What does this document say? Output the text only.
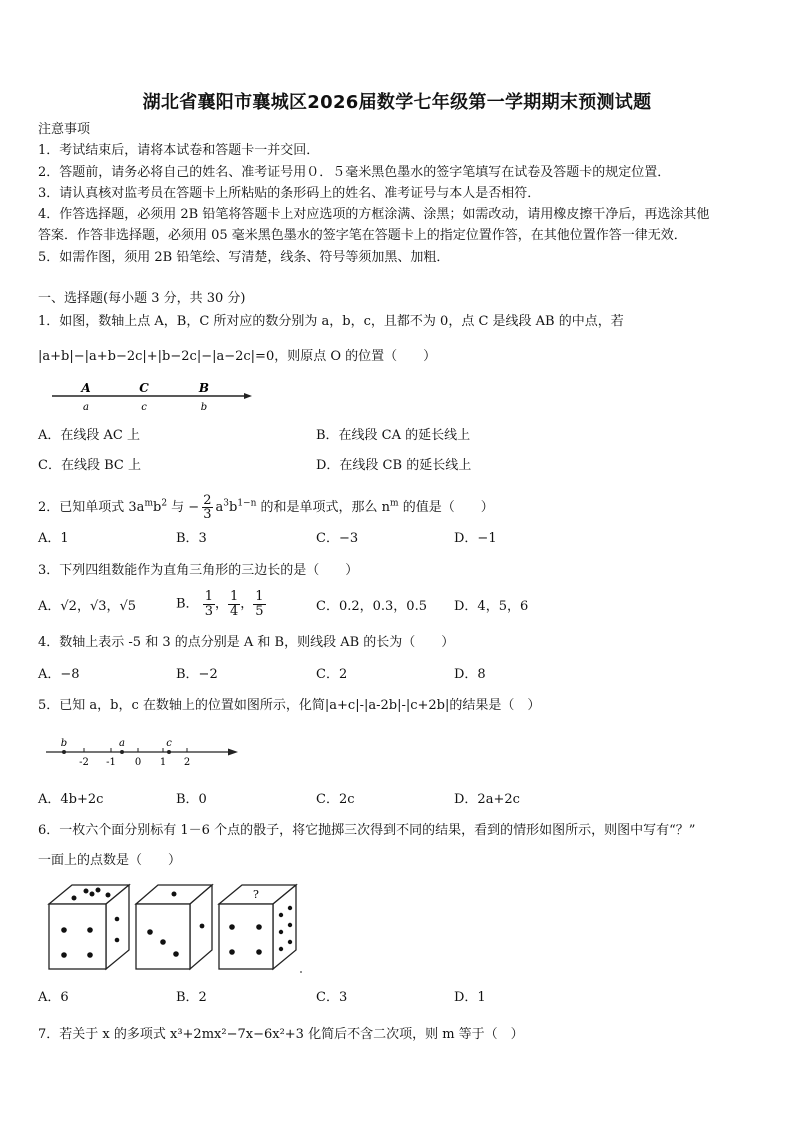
湖北省襄阳市襄城区2026届数学七年级第一学期期末预测试题
注意事项
1．考试结束后，请将本试卷和答题卡一并交回．
2．答题前，请务必将自己的姓名、准考证号用０．５毫米黑色墨水的签字笔填写在试卷及答题卡的规定位置．
3．请认真核对监考员在答题卡上所粘贴的条形码上的姓名、准考证号与本人是否相符．
4．作答选择题，必须用 2B 铅笔将答题卡上对应选项的方框涂满、涂黑；如需改动，请用橡皮擦干净后，再选涂其他
答案．作答非选择题，必须用 05 毫米黑色墨水的签字笔在答题卡上的指定位置作答，在其他位置作答一律无效．
5．如需作图，须用 2B 铅笔绘、写清楚，线条、符号等须加黑、加粗．
一、选择题(每小题 3 分，共 30 分)
1．如图，数轴上点 A，B，C 所对应的数分别为 a，b，c，且都不为 0，点 C 是线段 AB 的中点，若
|a+b|−|a+b−2c|+|b−2c|−|a−2c|=0，则原点 O 的位置（　　）
A	C	B
a	c	b
A．在线段 AC 上	B．在线段 CA 的延长线上
C．在线段 BC 上	D．在线段 CB 的延长线上
2．已知单项式 $3a^mb^2$ 与 − $\frac{2}{3} a^3b^{1-n}$ 的和是单项式，那么 $n^m$ 的值是（　　）
A．1	B．3	C．−3	D．−1
3．下列四组数能作为直角三角形的三边长的是（　　）
A．√2，√3，√5	B． $\frac{1}{3}$ ， $\frac{1}{4}$ ， $\frac{1}{5}$	C．0.2，0.3，0.5 D．4，5，6
4．数轴上表示 -5 和 3 的点分别是 A 和 B，则线段 AB 的长为（　　）
A．−8	B．−2	C．2	D．8
5．已知 a，b，c 在数轴上的位置如图所示，化简|a+c|-|a-2b|-|c+2b|的结果是（　）
b	a	c
-2 -1 0 1 2
A．4b+2c	B．0	C．2c	D．2a+2c
6．一枚六个面分别标有 1－6 个点的骰子，将它抛掷三次得到不同的结果，看到的情形如图所示，则图中写有“？”
一面上的点数是（　　）
?
A．6	B．2	C．3	D．1
7．若关于 x 的多项式 x³+2mx²−7x−6x²+3 化简后不含二次项，则 m 等于（　）
